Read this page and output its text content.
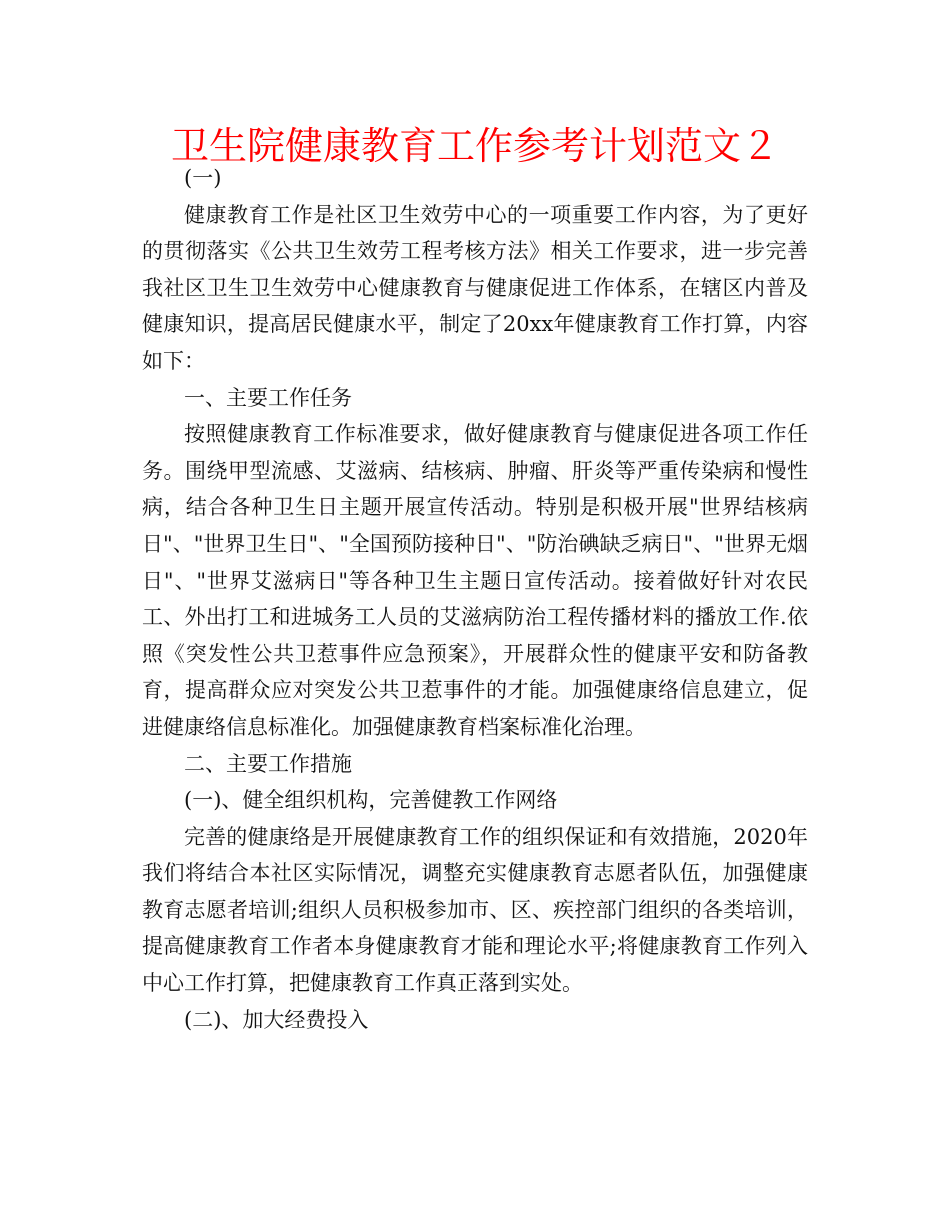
卫生院健康教育工作参考计划范文２

(一)

健康教育工作是社区卫生效劳中心的一项重要工作内容，为了更好的贯彻落实《公共卫生效劳工程考核方法》相关工作要求，进一步完善我社区卫生卫生效劳中心健康教育与健康促进工作体系，在辖区内普及健康知识，提高居民健康水平，制定了20xx年健康教育工作打算，内容如下：

一、主要工作任务

按照健康教育工作标准要求，做好健康教育与健康促进各项工作任务。围绕甲型流感、艾滋病、结核病、肿瘤、肝炎等严重传染病和慢性病，结合各种卫生日主题开展宣传活动。特别是积极开展"世界结核病日"、"世界卫生日"、"全国预防接种日"、"防治碘缺乏病日"、"世界无烟日"、"世界艾滋病日"等各种卫生主题日宣传活动。接着做好针对农民工、外出打工和进城务工人员的艾滋病防治工程传播材料的播放工作.依照《突发性公共卫惹事件应急预案》，开展群众性的健康平安和防备教育，提高群众应对突发公共卫惹事件的才能。加强健康络信息建立，促进健康络信息标准化。加强健康教育档案标准化治理。

二、主要工作措施

(一)、健全组织机构，完善健教工作网络

完善的健康络是开展健康教育工作的组织保证和有效措施，2020年我们将结合本社区实际情况，调整充实健康教育志愿者队伍，加强健康教育志愿者培训;组织人员积极参加市、区、疾控部门组织的各类培训，提高健康教育工作者本身健康教育才能和理论水平;将健康教育工作列入中心工作打算，把健康教育工作真正落到实处。

(二)、加大经费投入
